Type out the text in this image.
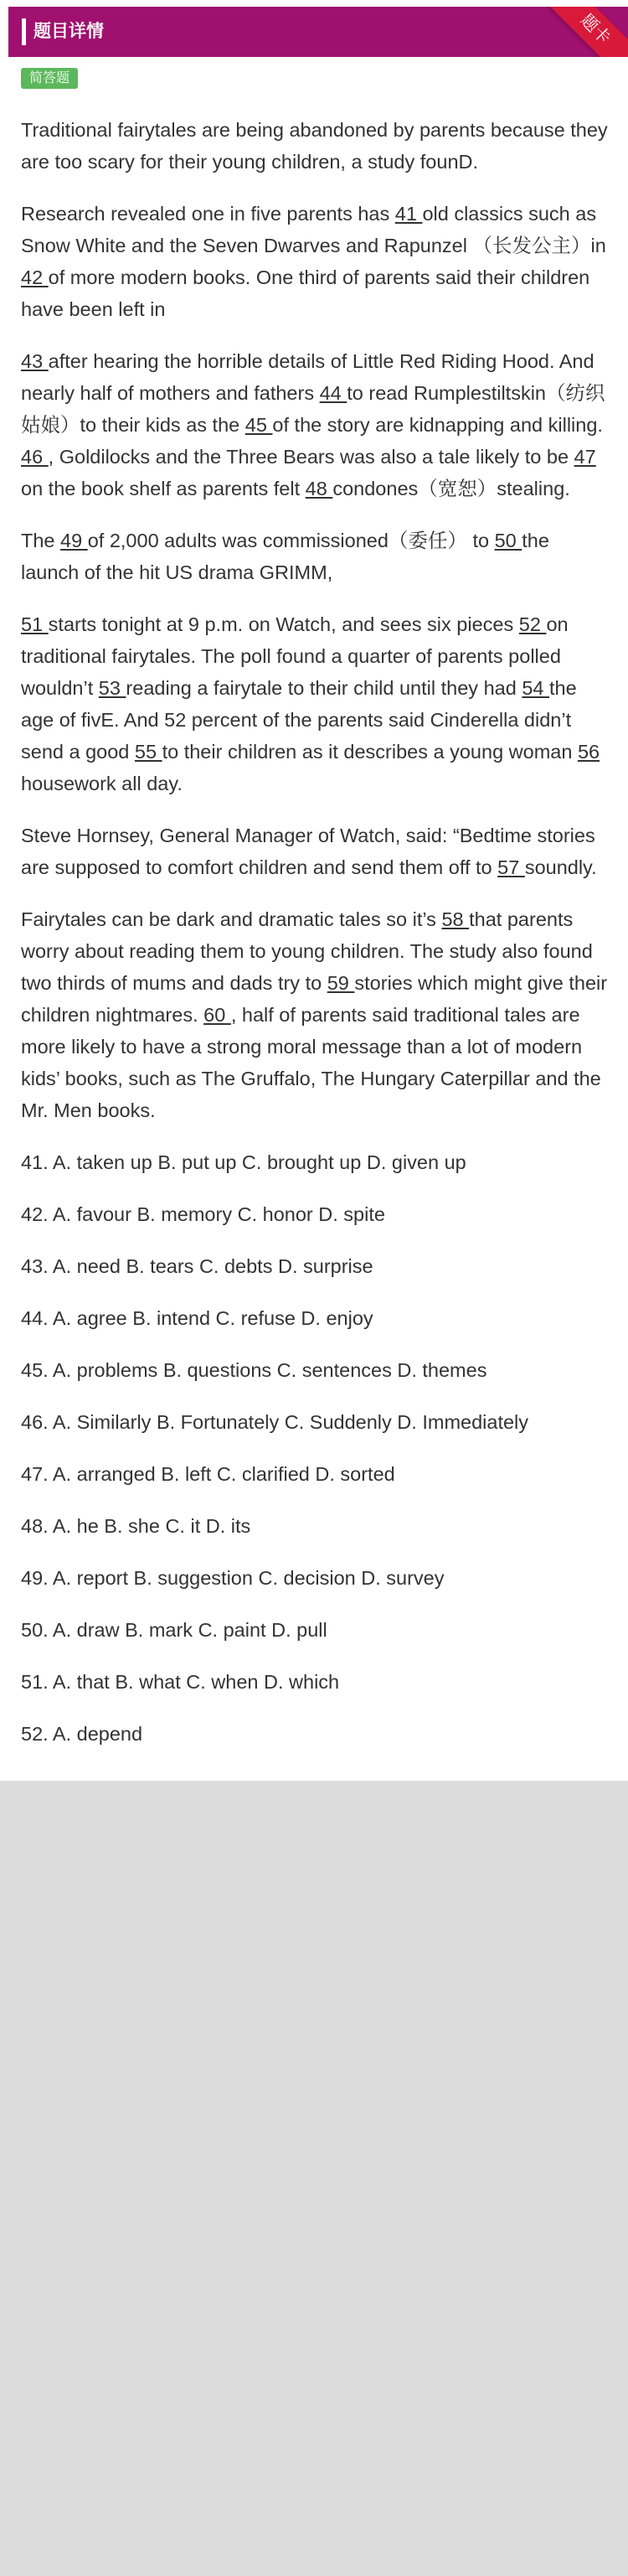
题目详情	题卡
简答题

Traditional fairytales are being abandoned by parents because they are too scary for their young children, a study founD.

Research revealed one in five parents has 41 old classics such as Snow White and the Seven Dwarves and Rapunzel （长发公主）in 42 of more modern books. One third of parents said their children have been left in

43 after hearing the horrible details of Little Red Riding Hood. And nearly half of mothers and fathers 44 to read Rumplestiltskin（纺织姑娘）to their kids as the 45 of the story are kidnapping and killing. 46 , Goldilocks and the Three Bears was also a tale likely to be 47 on the book shelf as parents felt 48 condones（宽恕）stealing.

The 49 of 2,000 adults was commissioned（委任） to 50 the launch of the hit US drama GRIMM,

51 starts tonight at 9 p.m. on Watch, and sees six pieces 52 on traditional fairytales. The poll found a quarter of parents polled wouldn’t 53 reading a fairytale to their child until they had 54 the age of fivE. And 52 percent of the parents said Cinderella didn’t send a good 55 to their children as it describes a young woman 56 housework all day.

Steve Hornsey, General Manager of Watch, said: “Bedtime stories are supposed to comfort children and send them off to 57 soundly.

Fairytales can be dark and dramatic tales so it’s 58 that parents worry about reading them to young children. The study also found two thirds of mums and dads try to 59 stories which might give their children nightmares. 60 , half of parents said traditional tales are more likely to have a strong moral message than a lot of modern kids’ books, such as The Gruffalo, The Hungary Caterpillar and the Mr. Men books.

41. A. taken up B. put up C. brought up D. given up
42. A. favour B. memory C. honor D. spite
43. A. need B. tears C. debts D. surprise
44. A. agree B. intend C. refuse D. enjoy
45. A. problems B. questions C. sentences D. themes
46. A. Similarly B. Fortunately C. Suddenly D. Immediately
47. A. arranged B. left C. clarified D. sorted
48. A. he B. she C. it D. its
49. A. report B. suggestion C. decision D. survey
50. A. draw B. mark C. paint D. pull
51. A. that B. what C. when D. which
52. A. depend
